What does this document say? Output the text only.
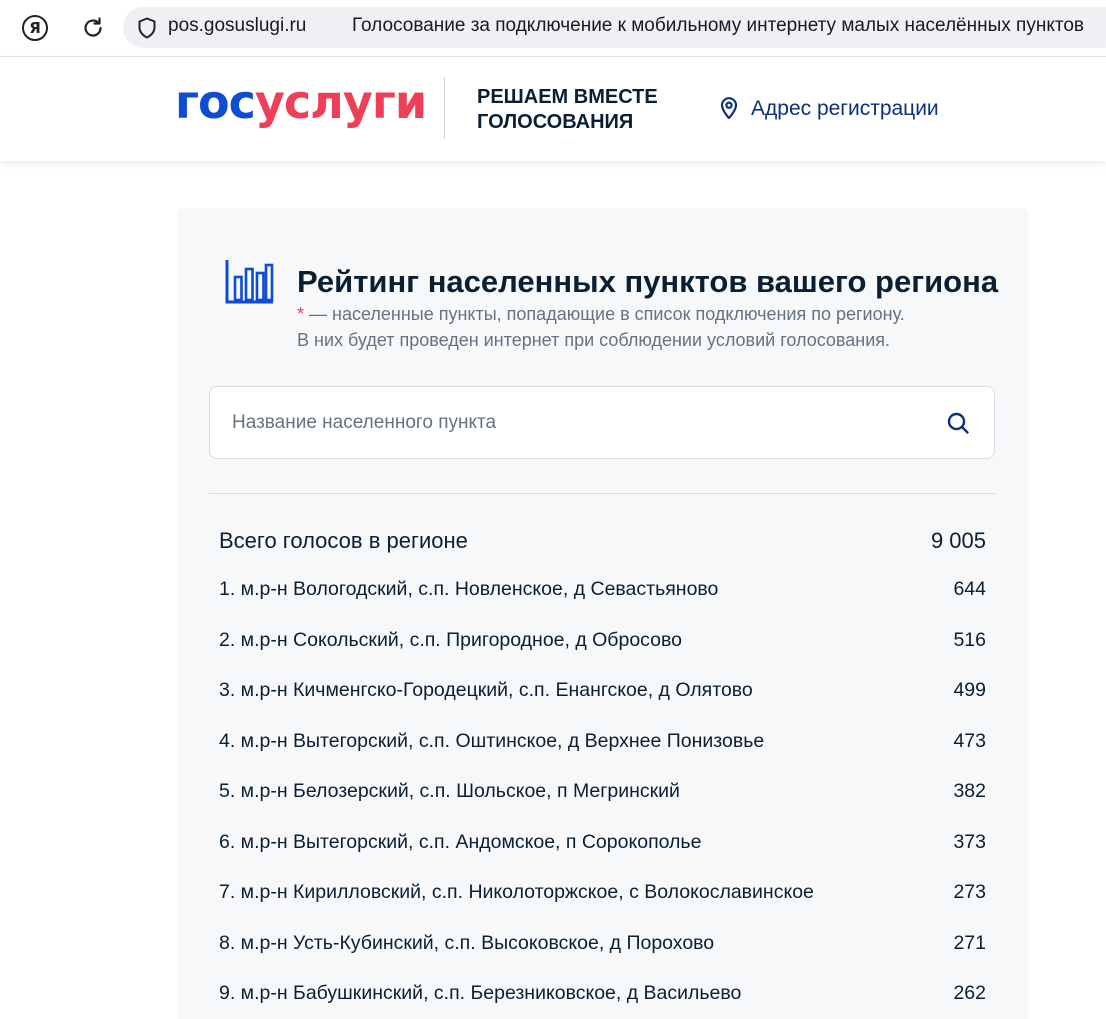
Я	pos.gosuslugi.ru Голосование за подключение к мобильному интернету малых населённых пунктов
госуслуги	РЕШАЕМ ВМЕСТЕ
ГОЛОСОВАНИЯ
Адрес регистрации
Рейтинг населенных пунктов вашего региона
* — населенные пункты, попадающие в список подключения по региону.
В них будет проведен интернет при соблюдении условий голосования.
Название населенного пункта
Всего голосов в регионе	9 005
1. м.р-н Вологодский, с.п. Новленское, д Севастьяново	644
2. м.р-н Сокольский, с.п. Пригородное, д Обросово	516
3. м.р-н Кичменгско-Городецкий, с.п. Енангское, д Олятово	499
4. м.р-н Вытегорский, с.п. Оштинское, д Верхнее Понизовье	473
5. м.р-н Белозерский, с.п. Шольское, п Мегринский	382
6. м.р-н Вытегорский, с.п. Андомское, п Сорокополье	373
7. м.р-н Кирилловский, с.п. Николоторжское, с Волокославинское	273
8. м.р-н Усть-Кубинский, с.п. Высоковское, д Порохово	271
9. м.р-н Бабушкинский, с.п. Березниковское, д Васильево	262
